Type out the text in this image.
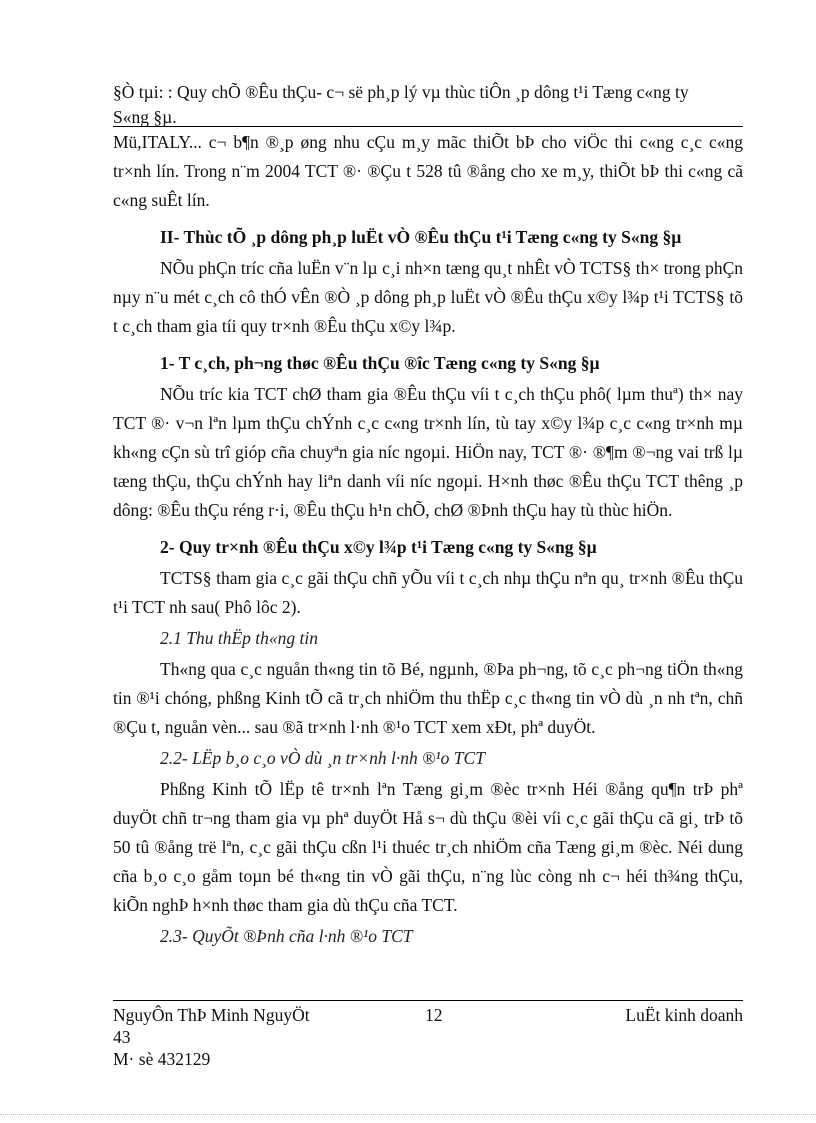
§Ò tµi: : Quy chÕ ®Êu thÇu- c¬ së ph¸p lý vµ thùc tiÔn ¸p dông t¹i Tæng c«ng ty
S«ng §µ.

Mü,ITALY... c¬ b¶n ®¸p øng nhu cÇu m¸y mãc thiÕt bÞ cho viÖc thi c«ng c¸c c«ng tr×nh lín. Trong n¨m 2004 TCT ®· ®Çu t 528 tû ®ång cho xe m¸y, thiÕt bÞ thi c«ng cã c«ng suÊt lín.

II- Thùc tÕ ¸p dông ph¸p luËt vÒ ®Êu thÇu t¹i Tæng c«ng ty S«ng §µ

NÕu phÇn tríc cña luËn v¨n lµ c¸i nh×n tæng qu¸t nhÊt vÒ TCTS§ th× trong phÇn nµy n¨u mét c¸ch cô thÓ vÊn ®Ò ¸p dông ph¸p luËt vÒ ®Êu thÇu x©y l¾p t¹i TCTS§ tõ t c¸ch tham gia tíi quy tr×nh ®Êu thÇu x©y l¾p.

1- T c¸ch, ph¬ng thøc ®Êu thÇu ®îc Tæng c«ng ty S«ng §µ

NÕu tríc kia TCT chØ tham gia ®Êu thÇu víi t c¸ch thÇu phô( lµm thuª) th× nay TCT ®· v¬n lªn lµm thÇu chÝnh c¸c c«ng tr×nh lín, tù tay x©y l¾p c¸c c«ng tr×nh mµ kh«ng cÇn sù trî gióp cña chuyªn gia níc ngoµi. HiÖn nay, TCT ®· ®¶m ®¬ng vai trß lµ tæng thÇu, thÇu chÝnh hay liªn danh víi níc ngoµi. H×nh thøc ®Êu thÇu TCT thêng ¸p dông: ®Êu thÇu réng r·i, ®Êu thÇu h¹n chÕ, chØ ®Þnh thÇu hay tù thùc hiÖn.

2- Quy tr×nh ®Êu thÇu x©y l¾p t¹i Tæng c«ng ty S«ng §µ

TCTS§ tham gia c¸c gãi thÇu chñ yÕu víi t c¸ch nhµ thÇu nªn qu¸ tr×nh ®Êu thÇu t¹i TCT nh sau( Phô lôc 2).

2.1 Thu thËp th«ng tin

Th«ng qua c¸c nguån th«ng tin tõ Bé, ngµnh, ®Þa ph¬ng, tõ c¸c ph¬ng tiÖn th«ng tin ®¹i chóng, phßng Kinh tÕ cã tr¸ch nhiÖm thu thËp c¸c th«ng tin vÒ dù ¸n nh tªn, chñ ®Çu t, nguån vèn... sau ®ã tr×nh l·nh ®¹o TCT xem xÐt, phª duyÖt.

2.2- LËp b¸o c¸o vÒ dù ¸n tr×nh l·nh ®¹o TCT

Phßng Kinh tÕ lËp tê tr×nh lªn Tæng gi¸m ®èc tr×nh Héi ®ång qu¶n trÞ phª duyÖt chñ tr¬ng tham gia vµ phª duyÖt Hå s¬ dù thÇu ®èi víi c¸c gãi thÇu cã gi¸ trÞ tõ 50 tû ®ång trë lªn, c¸c gãi thÇu cßn l¹i thuéc tr¸ch nhiÖm cña Tæng gi¸m ®èc. Néi dung cña b¸o c¸o gåm toµn bé th«ng tin vÒ gãi thÇu, n¨ng lùc còng nh c¬ héi th¾ng thÇu, kiÕn nghÞ h×nh thøc tham gia dù thÇu cña TCT.

2.3- QuyÕt ®Þnh cña l·nh ®¹o TCT

NguyÔn ThÞ Minh NguyÖt	12	LuËt kinh doanh
43
M· sè 432129
